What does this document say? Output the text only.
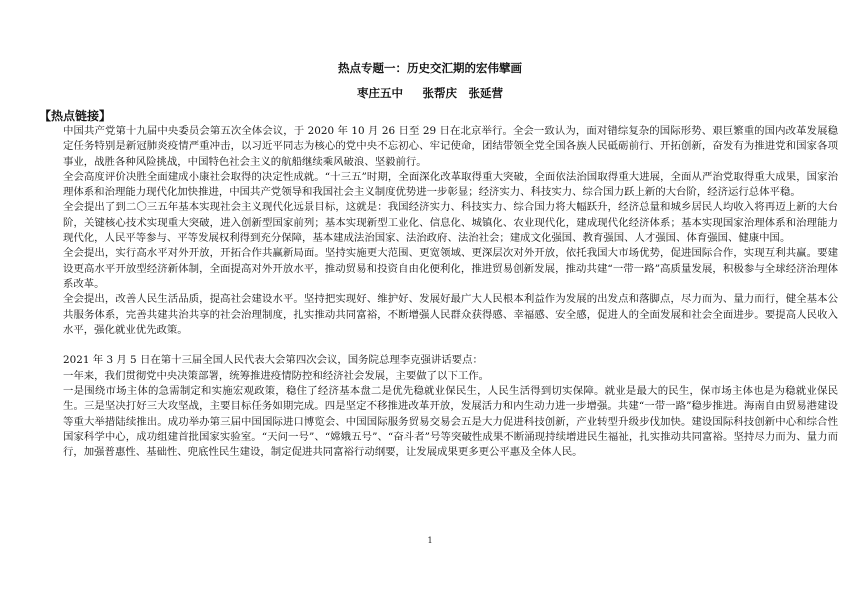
热点专题一：历史交汇期的宏伟擘画
枣庄五中　 张帮庆　张延营
【热点链接】

中国共产党第十九届中央委员会第五次全体会议，于 2020 年 10 月 26 日至 29 日在北京举行。全会一致认为，面对错综复杂的国际形势、艰巨繁重的国内改革发展稳定任务特别是新冠肺炎疫情严重冲击，以习近平同志为核心的党中央不忘初心、牢记使命，团结带领全党全国各族人民砥砺前行、开拓创新，奋发有为推进党和国家各项事业，战胜各种风险挑战，中国特色社会主义的航船继续乘风破浪、坚毅前行。

全会高度评价决胜全面建成小康社会取得的决定性成就。“十三五”时期，全面深化改革取得重大突破，全面依法治国取得重大进展，全面从严治党取得重大成果，国家治理体系和治理能力现代化加快推进，中国共产党领导和我国社会主义制度优势进一步彰显；经济实力、科技实力、综合国力跃上新的大台阶，经济运行总体平稳。

全会提出了到二〇三五年基本实现社会主义现代化远景目标，这就是：我国经济实力、科技实力、综合国力将大幅跃升，经济总量和城乡居民人均收入将再迈上新的大台阶，关键核心技术实现重大突破，进入创新型国家前列；基本实现新型工业化、信息化、城镇化、农业现代化，建成现代化经济体系；基本实现国家治理体系和治理能力现代化，人民平等参与、平等发展权利得到充分保障，基本建成法治国家、法治政府、法治社会；建成文化强国、教育强国、人才强国、体育强国、健康中国。

全会提出，实行高水平对外开放，开拓合作共赢新局面。坚持实施更大范围、更宽领域、更深层次对外开放，依托我国大市场优势，促进国际合作，实现互利共赢。要建设更高水平开放型经济新体制，全面提高对外开放水平，推动贸易和投资自由化便利化，推进贸易创新发展，推动共建“一带一路”高质量发展，积极参与全球经济治理体系改革。

全会提出，改善人民生活品质，提高社会建设水平。坚持把实现好、维护好、发展好最广大人民根本利益作为发展的出发点和落脚点，尽力而为、量力而行，健全基本公共服务体系，完善共建共治共享的社会治理制度，扎实推动共同富裕，不断增强人民群众获得感、幸福感、安全感，促进人的全面发展和社会全面进步。要提高人民收入水平，强化就业优先政策。

2021 年 3 月 5 日在第十三届全国人民代表大会第四次会议，国务院总理李克强讲话要点：

一年来，我们贯彻党中央决策部署，统筹推进疫情防控和经济社会发展，主要做了以下工作。

一是围绕市场主体的急需制定和实施宏观政策，稳住了经济基本盘二是优先稳就业保民生，人民生活得到切实保障。就业是最大的民生，保市场主体也是为稳就业保民生。三是坚决打好三大攻坚战，主要目标任务如期完成。四是坚定不移推进改革开放，发展活力和内生动力进一步增强。共建“一带一路”稳步推进。海南自由贸易港建设等重大举措陆续推出。成功举办第三届中国国际进口博览会、中国国际服务贸易交易会五是大力促进科技创新，产业转型升级步伐加快。建设国际科技创新中心和综合性国家科学中心，成功组建首批国家实验室。“天问一号”、“嫦娥五号”、“奋斗者”号等突破性成果不断涌现持续增进民生福祉，扎实推动共同富裕。坚持尽力而为、量力而行，加强普惠性、基础性、兜底性民生建设，制定促进共同富裕行动纲要，让发展成果更多更公平惠及全体人民。

1
